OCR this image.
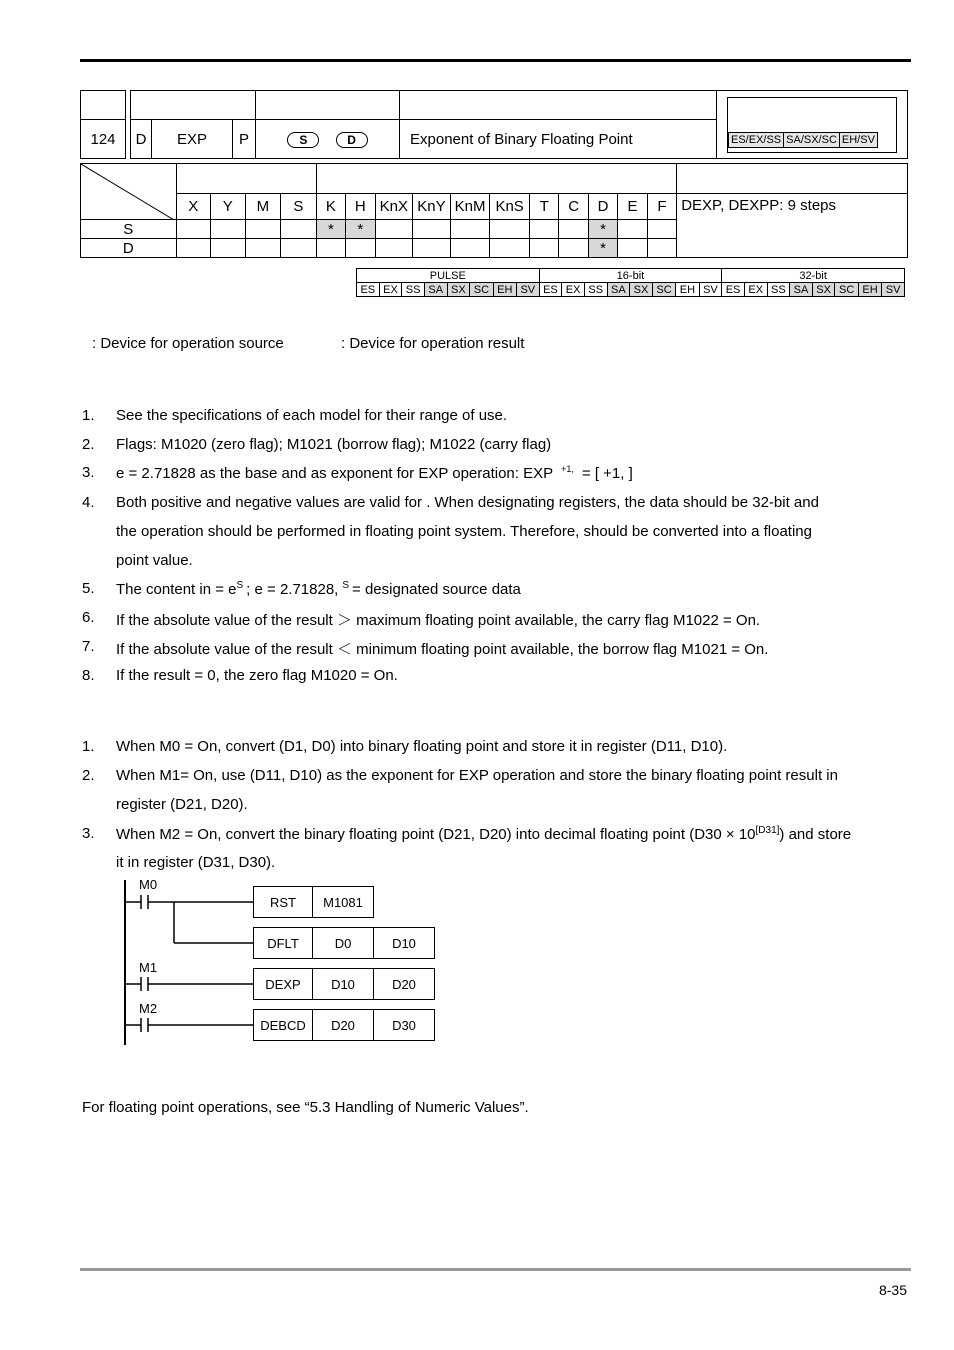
ES/EX/SS	SA/SX/SC	EH/SV

124		D	EXP	P	S	D	Exponent of Binary Floating Point

	X	Y	M	S	K	H	KnX	KnY	KnM	KnS	T	C	D	E	F	DEXP, DEXPP: 9 steps
S					*	*							*			
D													*			
PULSE								16-bit								32-bit							
ES	EX	SS	SA	SX	SC	EH	SV	ES	EX	SS	SA	SX	SC	EH	SV	ES	EX	SS	SA	SX	SC	EH	SV
: Device for operation source	: Device for operation result
1. See the specifications of each model for their range of use.
2. Flags: M1020 (zero flag); M1021 (borrow flag); M1022 (carry flag)
3. e = 2.71828 as the base and as exponent for EXP operation: EXP $^{+1,}$ = [ +1, ]
4. Both positive and negative values are valid for . When designating registers, the data should be 32-bit and
the operation should be performed in floating point system. Therefore, should be converted into a floating
point value.
5. The content in = $e^S$ ; e = 2.71828, $^S$ = designated source data
6. If the absolute value of the result ＞ maximum floating point available, the carry flag M1022 = On.
7. If the absolute value of the result ＜ minimum floating point available, the borrow flag M1021 = On.
8. If the result = 0, the zero flag M1020 = On.
1. When M0 = On, convert (D1, D0) into binary floating point and store it in register (D11, D10).
2. When M1= On, use (D11, D10) as the exponent for EXP operation and store the binary floating point result in
register (D21, D20).
3. When M2 = On, convert the binary floating point (D21, D20) into decimal floating point (D30 × 10[D31]) and store
it in register (D31, D30).
M0
M1
M2
RST	M1081
DFLT	D0	D10
DEXP	D10	D20
DEBCD	D20	D30
For floating point operations, see “5.3 Handling of Numeric Values”.
8-35
